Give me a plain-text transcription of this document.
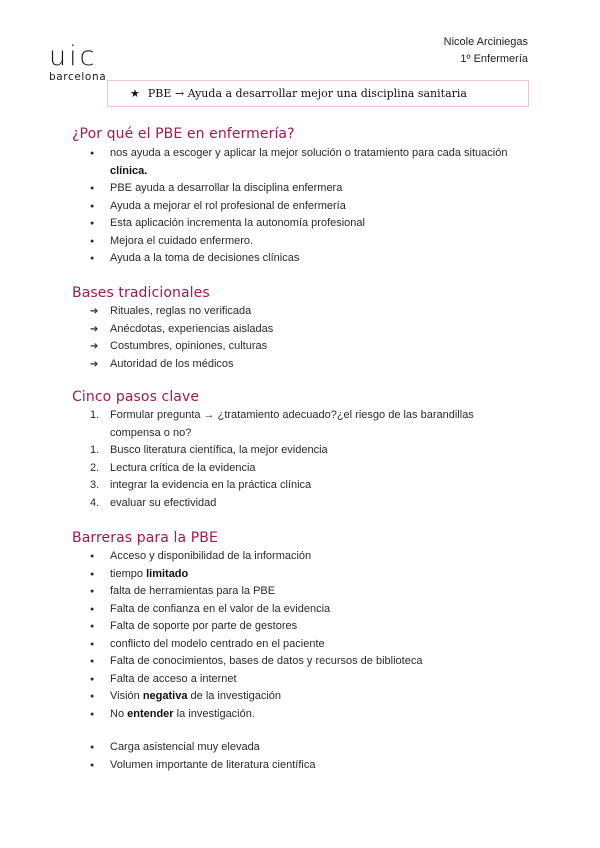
uic
barcelona
Nicole Arciniegas
1º Enfermería
★ PBE → Ayuda a desarrollar mejor una disciplina sanitaria
¿Por qué el PBE en enfermería?
● nos ayuda a escoger y aplicar la mejor solución o tratamiento para cada situación
clínica.
● PBE ayuda a desarrollar la disciplina enfermera
● Ayuda a mejorar el rol profesional de enfermería
● Esta aplicación incrementa la autonomía profesional
● Mejora el cuidado enfermero.
● Ayuda a la toma de decisiones clínicas
Bases tradicionales
➔ Rituales, reglas no verificada
➔ Anécdotas, experiencias aisladas
➔ Costumbres, opiniones, culturas
➔ Autoridad de los médicos
Cinco pasos clave
1. Formular pregunta → ¿tratamiento adecuado?¿el riesgo de las barandillas compensa o no?
1. Busco literatura científica, la mejor evidencia
2. Lectura crítica de la evidencia
3. integrar la evidencia en la práctica clínica
4. evaluar su efectividad
Barreras para la PBE
● Acceso y disponibilidad de la información
● tiempo limitado
● falta de herramientas para la PBE
● Falta de confianza en el valor de la evidencia
● Falta de soporte por parte de gestores
● conflicto del modelo centrado en el paciente
● Falta de conocimientos, bases de datos y recursos de biblioteca
● Falta de acceso a internet
● Visión negativa de la investigación
● No entender la investigación.
● Carga asistencial muy elevada
● Volumen importante de literatura científica
